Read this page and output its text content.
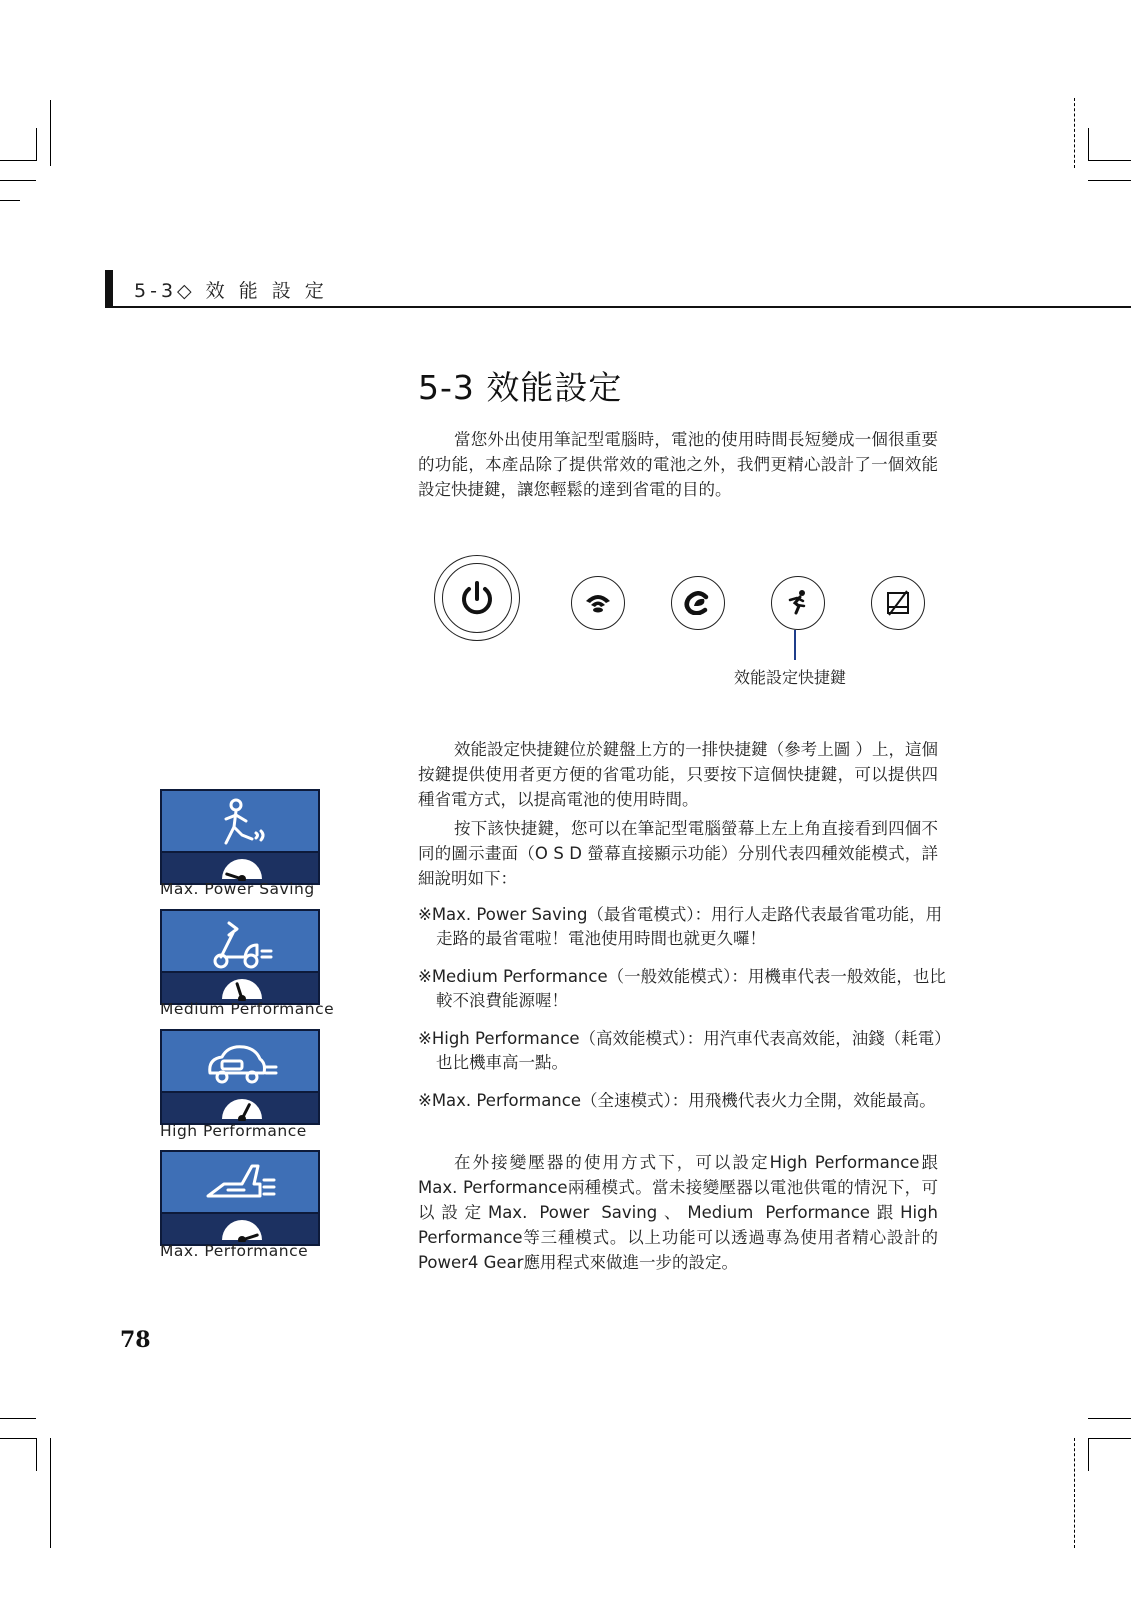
5-3◇ 效 能 設 定
5-3 效能設定

當您外出使用筆記型電腦時，電池的使用時間長短變成一個很重要的功能，本產品除了提供常效的電池之外，我們更精心設計了一個效能設定快捷鍵，讓您輕鬆的達到省電的目的。

效能設定快捷鍵

效能設定快捷鍵位於鍵盤上方的一排快捷鍵（參考上圖 ）上，這個按鍵提供使用者更方便的省電功能，只要按下這個快捷鍵，可以提供四種省電方式，以提高電池的使用時間。

按下該快捷鍵，您可以在筆記型電腦螢幕上左上角直接看到四個不同的圖示畫面（O S D 螢幕直接顯示功能）分別代表四種效能模式，詳細說明如下：

※Max. Power Saving（最省電模式）：用行人走路代表最省電功能，用走路的最省電啦！電池使用時間也就更久囉！
※Medium Performance（一般效能模式）：用機車代表一般效能，也比較不浪費能源喔！
※High Performance（高效能模式）：用汽車代表高效能，油錢（耗電）也比機車高一點。
※Max. Performance（全速模式）：用飛機代表火力全開，效能最高。

在外接變壓器的使用方式下，可以設定High Performance跟Max. Performance兩種模式。當未接變壓器以電池供電的情況下，可以設定Max. Power Saving、Medium Performance跟High Performance等三種模式。以上功能可以透過專為使用者精心設計的Power4 Gear應用程式來做進一步的設定。

Max. Power Saving
Medium Performance
High Performance
Max. Performance
78
